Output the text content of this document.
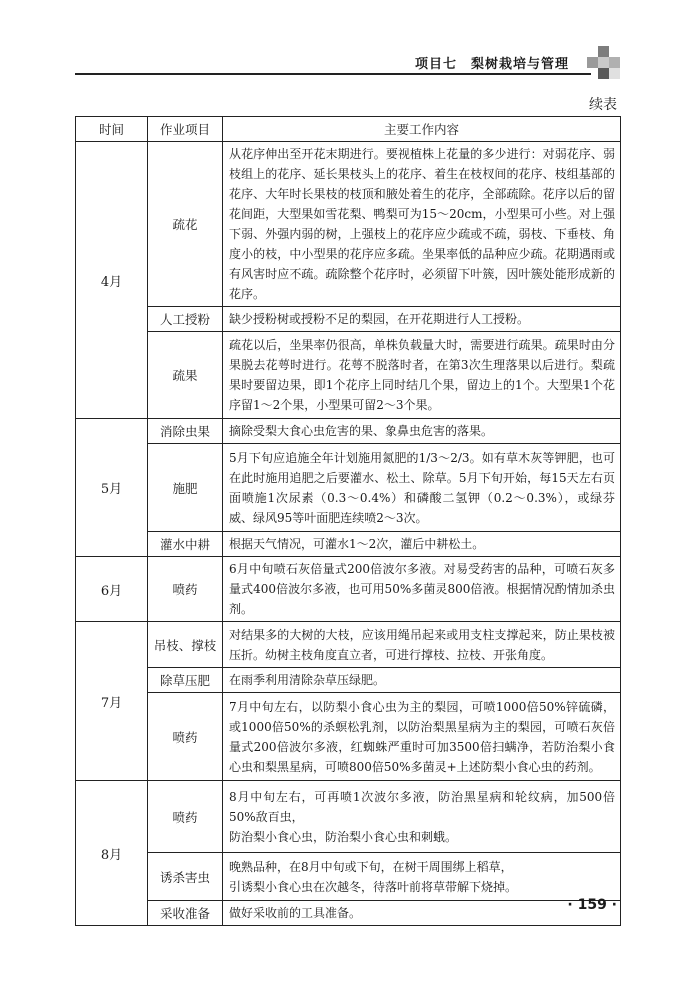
项目七　梨树栽培与管理
续表
时间	作业项目	主要工作内容
4月	疏花	从花序伸出至开花末期进行。要视植株上花量的多少进行：对弱花序、弱枝组上的花序、延长果枝头上的花序、着生在枝杈间的花序、枝组基部的花序、大年时长果枝的枝顶和腋处着生的花序，全部疏除。花序以后的留花间距，大型果如雪花梨、鸭梨可为15～20cm，小型果可小些。对上强下弱、外强内弱的树，上强枝上的花序应少疏或不疏，弱枝、下垂枝、角度小的枝，中小型果的花序应多疏。坐果率低的品种应少疏。花期遇雨或有风害时应不疏。疏除整个花序时，必须留下叶簇，因叶簇处能形成新的花序。
	人工授粉	缺少授粉树或授粉不足的梨园，在开花期进行人工授粉。
	疏果	疏花以后，坐果率仍很高，单株负载量大时，需要进行疏果。疏果时由分果脱去花萼时进行。花萼不脱落时者，在第3次生理落果以后进行。梨疏果时要留边果，即1个花序上同时结几个果，留边上的1个。大型果1个花序留1～2个果，小型果可留2～3个果。
5月	消除虫果	摘除受梨大食心虫危害的果、象鼻虫危害的落果。
	施肥	5月下旬应追施全年计划施用氮肥的1/3～2/3。如有草木灰等钾肥，也可在此时施用追肥之后要灌水、松土、除草。5月下旬开始，每15天左右页面喷施1次尿素（0.3～0.4%）和磷酸二氢钾（0.2～0.3%），或绿芬威、绿风95等叶面肥连续喷2～3次。
	灌水中耕	根据天气情况，可灌水1～2次，灌后中耕松土。
6月	喷药	6月中旬喷石灰倍量式200倍波尔多液。对易受药害的品种，可喷石灰多量式400倍波尔多液，也可用50%多菌灵800倍液。根据情况酌情加杀虫剂。
7月	吊枝、撑枝	对结果多的大树的大枝，应该用绳吊起来或用支柱支撑起来，防止果枝被压折。幼树主枝角度直立者，可进行撑枝、拉枝、开张角度。
	除草压肥	在雨季利用清除杂草压绿肥。
	喷药	7月中旬左右，以防梨小食心虫为主的梨园，可喷1000倍50%锌硫磷，或1000倍50%的杀螟松乳剂，以防治梨黑星病为主的梨园，可喷石灰倍量式200倍波尔多液，红蜘蛛严重时可加3500倍扫螨净，若防治梨小食心虫和梨黑星病，可喷800倍50%多菌灵+上述防梨小食心虫的药剂。
8月	喷药	8月中旬左右，可再喷1次波尔多液，防治黑星病和轮纹病，加500倍50%敌百虫，
防治梨小食心虫，防治梨小食心虫和刺蛾。
	诱杀害虫	晚熟品种，在8月中旬或下旬，在树干周围绑上稻草，
引诱梨小食心虫在次越冬，待落叶前将草带解下烧掉。
	采收准备	做好采收前的工具准备。	· 159 ·
